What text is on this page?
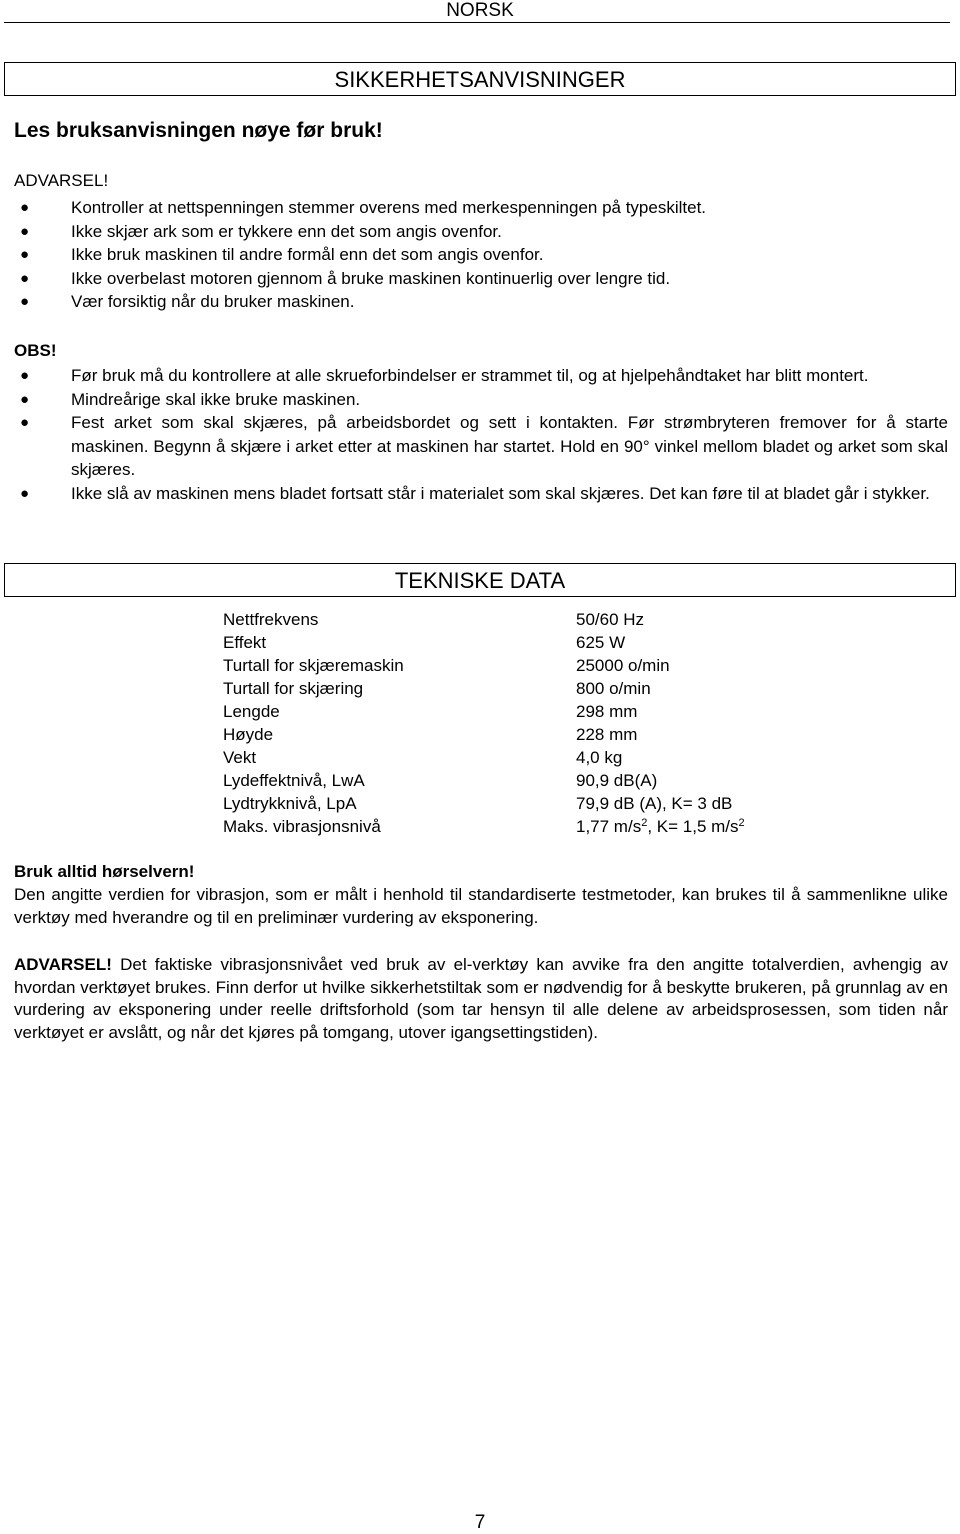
NORSK
SIKKERHETSANVISNINGER
Les bruksanvisningen nøye før bruk!
ADVARSEL!
● Kontroller at nettspenningen stemmer overens med merkespenningen på typeskiltet.
● Ikke skjær ark som er tykkere enn det som angis ovenfor.
● Ikke bruk maskinen til andre formål enn det som angis ovenfor.
● Ikke overbelast motoren gjennom å bruke maskinen kontinuerlig over lengre tid.
● Vær forsiktig når du bruker maskinen.
OBS!
● Før bruk må du kontrollere at alle skrueforbindelser er strammet til, og at hjelpehåndtaket har blitt montert.
● Mindreårige skal ikke bruke maskinen.
● Fest arket som skal skjæres, på arbeidsbordet og sett i kontakten. Før strømbryteren fremover for å starte maskinen. Begynn å skjære i arket etter at maskinen har startet. Hold en 90° vinkel mellom bladet og arket som skal skjæres.
● Ikke slå av maskinen mens bladet fortsatt står i materialet som skal skjæres. Det kan føre til at bladet går i stykker.
TEKNISKE DATA
Nettfrekvens	50/60 Hz
Effekt	625 W
Turtall for skjæremaskin	25000 o/min
Turtall for skjæring	800 o/min
Lengde	298 mm
Høyde	228 mm
Vekt	4,0 kg
Lydeffektnivå, LwA	90,9 dB(A)
Lydtrykknivå, LpA	79,9 dB (A), K= 3 dB
Maks. vibrasjonsnivå	1,77 $m/s^2$, K= 1,5 $m/s^2$
Bruk alltid hørselvern!
Den angitte verdien for vibrasjon, som er målt i henhold til standardiserte testmetoder, kan brukes til å sammenlikne ulike verktøy med hverandre og til en preliminær vurdering av eksponering.
ADVARSEL! Det faktiske vibrasjonsnivået ved bruk av el-verktøy kan avvike fra den angitte totalverdien, avhengig av hvordan verktøyet brukes. Finn derfor ut hvilke sikkerhetstiltak som er nødvendig for å beskytte brukeren, på grunnlag av en vurdering av eksponering under reelle driftsforhold (som tar hensyn til alle delene av arbeidsprosessen, som tiden når verktøyet er avslått, og når det kjøres på tomgang, utover igangsettingstiden).
7
